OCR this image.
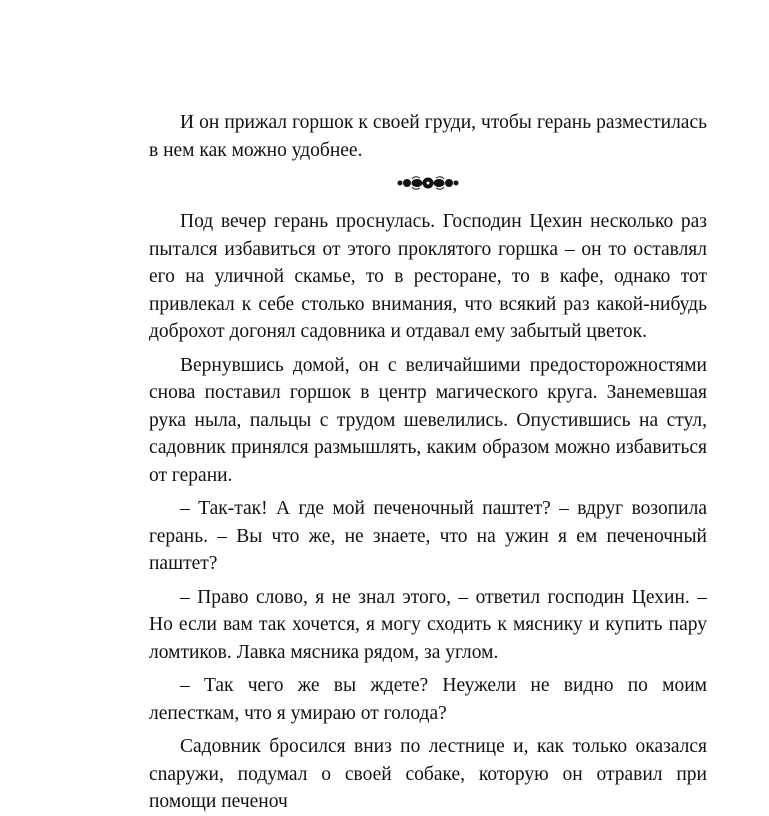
И он прижал горшок к своей груди, чтобы герань разместилась в нем как можно удобнее.

Под вечер герань проснулась. Господин Цехин несколько раз пытался избавиться от этого проклятого горшка – он то оставлял его на уличной скамье, то в ресторане, то в кафе, однако тот привлекал к себе столько внимания, что всякий раз какой-нибудь доброхот догонял садовника и отдавал ему забытый цветок.

Вернувшись домой, он с величайшими предосторожностями снова поставил горшок в центр магического круга. Занемевшая рука ныла, пальцы с трудом шевелились. Опустившись на стул, садовник принялся размышлять, каким образом можно избавиться от герани.

– Так-так! А где мой печеночный паштет? – вдруг возопила герань. – Вы что же, не знаете, что на ужин я ем печеночный паштет?

– Право слово, я не знал этого, – ответил господин Цехин. – Но если вам так хочется, я могу сходить к мяснику и купить пару ломтиков. Лавка мясника рядом, за углом.

– Так чего же вы ждете? Неужели не видно по моим лепесткам, что я умираю от голода?

Садовник бросился вниз по лестнице и, как только оказался сnaружи, подумал о своей собаке, которую он отравил при помощи печеноч
